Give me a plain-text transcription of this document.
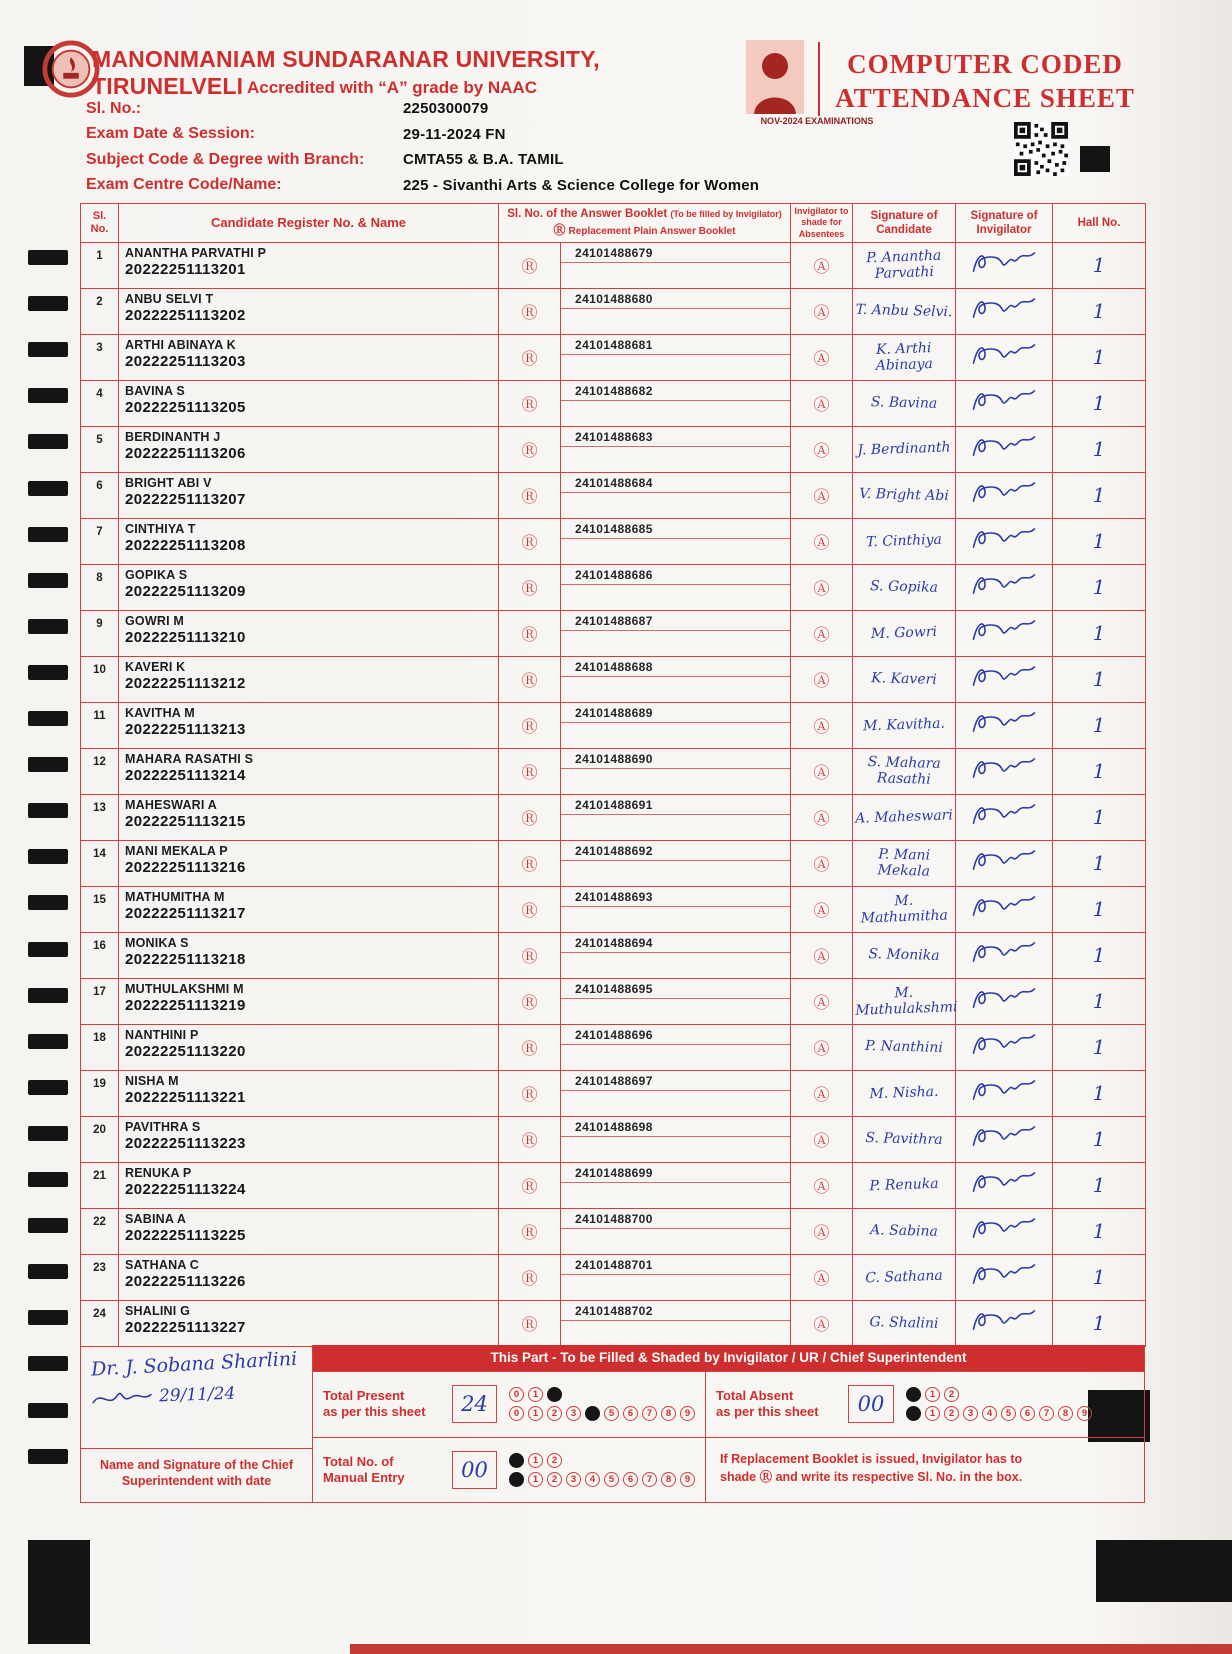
MANONMANIAM SUNDARANAR UNIVERSITY, TIRUNELVELI Accredited with “A” grade by NAAC
COMPUTER CODED
ATTENDANCE SHEET
NOV-2024 EXAMINATIONS
Sl. No.:	2250300079
Exam Date & Session:	29-11-2024 FN
Subject Code & Degree with Branch:	CMTA55 & B.A. TAMIL
Exam Centre Code/Name:	225 - Sivanthi Arts & Science College for Women
Sl. No.	Candidate Register No. & Name	Sl. No. of the Answer Booklet (To be filled by Invigilator)
Ⓡ Replacement Plain Answer Booklet		Invigilator to shade for Absentees	Signature of Candidate	Signature of Invigilator	Hall No.
1	ANANTHA PARVATHI P
20222251113201	Ⓡ	24101488679	Ⓐ	P. Anantha Parvathi		1
2	ANBU SELVI T
20222251113202	Ⓡ	24101488680	Ⓐ	T. Anbu Selvi.		1
3	ARTHI ABINAYA K
20222251113203	Ⓡ	24101488681	Ⓐ	K. Arthi Abinaya		1
4	BAVINA S
20222251113205	Ⓡ	24101488682	Ⓐ	S. Bavina		1
5	BERDINANTH J
20222251113206	Ⓡ	24101488683	Ⓐ	J. Berdinanth		1
6	BRIGHT ABI V
20222251113207	Ⓡ	24101488684	Ⓐ	V. Bright Abi		1
7	CINTHIYA T
20222251113208	Ⓡ	24101488685	Ⓐ	T. Cinthiya		1
8	GOPIKA S
20222251113209	Ⓡ	24101488686	Ⓐ	S. Gopika		1
9	GOWRI M
20222251113210	Ⓡ	24101488687	Ⓐ	M. Gowri		1
10	KAVERI K
20222251113212	Ⓡ	24101488688	Ⓐ	K. Kaveri		1
11	KAVITHA M
20222251113213	Ⓡ	24101488689	Ⓐ	M. Kavitha.		1
12	MAHARA RASATHI S
20222251113214	Ⓡ	24101488690	Ⓐ	S. Mahara Rasathi		1
13	MAHESWARI A
20222251113215	Ⓡ	24101488691	Ⓐ	A. Maheswari		1
14	MANI MEKALA P
20222251113216	Ⓡ	24101488692	Ⓐ	P. Mani Mekala		1
15	MATHUMITHA M
20222251113217	Ⓡ	24101488693	Ⓐ	M. Mathumitha		1
16	MONIKA S
20222251113218	Ⓡ	24101488694	Ⓐ	S. Monika		1
17	MUTHULAKSHMI M
20222251113219	Ⓡ	24101488695	Ⓐ	M. Muthulakshmi		1
18	NANTHINI P
20222251113220	Ⓡ	24101488696	Ⓐ	P. Nanthini		1
19	NISHA M
20222251113221	Ⓡ	24101488697	Ⓐ	M. Nisha.		1
20	PAVITHRA S
20222251113223	Ⓡ	24101488698	Ⓐ	S. Pavithra		1
21	RENUKA P
20222251113224	Ⓡ	24101488699	Ⓐ	P. Renuka		1
22	SABINA A
20222251113225	Ⓡ	24101488700	Ⓐ	A. Sabina		1
23	SATHANA C
20222251113226	Ⓡ	24101488701	Ⓐ	C. Sathana		1
24	SHALINI G
20222251113227	Ⓡ	24101488702	Ⓐ	G. Shalini		1
Dr. J. Sobana Sharlini
29/11/24
Name and Signature of the Chief Superintendent with date
This Part - To be Filled & Shaded by Invigilator / UR / Chief Superintendent
Total Present
as per this sheet	24	0	1
0	1	2	3	5	6	7	8	9
Total Absent
as per this sheet	00	1	2
1	2	3	4	5	6	7	8	9
Total No. of
Manual Entry	00	1	2
1	2	3	4	5	6	7	8	9
If Replacement Booklet is issued, Invigilator has to
shade Ⓡ and write its respective Sl. No. in the box.
